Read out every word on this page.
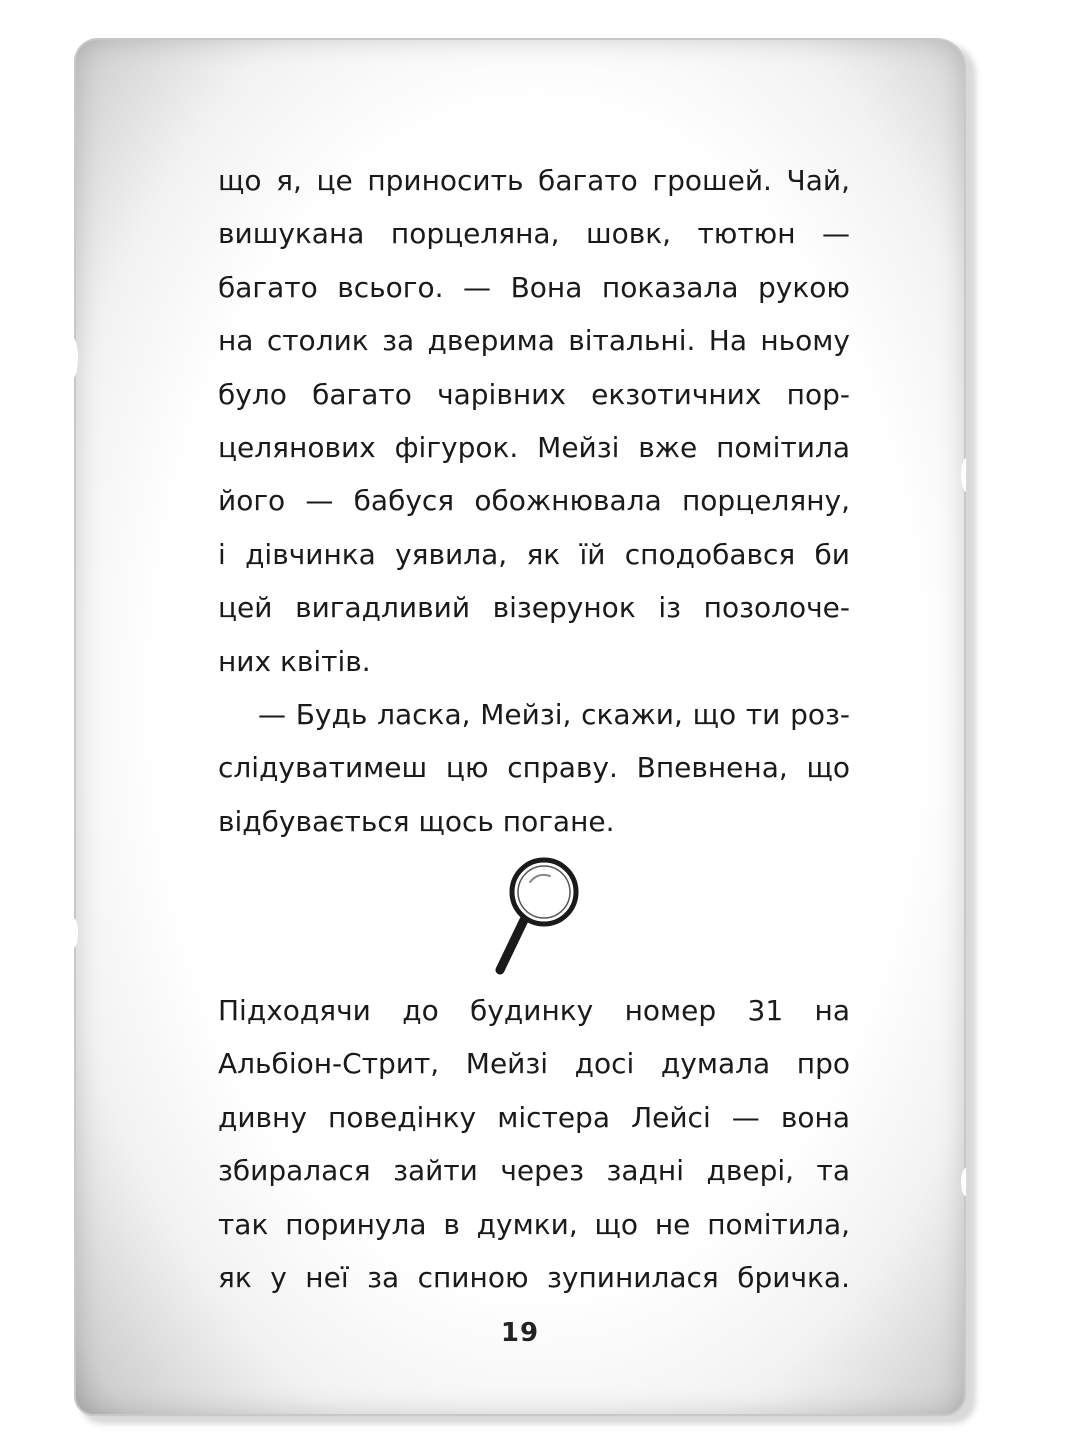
що я, це приносить багато грошей. Чай,
вишукана порцеляна, шовк, тютюн —
багато всього. — Вона показала рукою
на столик за дверима вітальні. На ньому
було багато чарівних екзотичних пор-
целянових фігурок. Мейзі вже помітила
його — бабуся обожнювала порцеляну,
і дівчинка уявила, як їй сподобався би
цей вигадливий візерунок із позолоче-
них квітів.
— Будь ласка, Мейзі, скажи, що ти роз-
слідуватимеш цю справу. Впевнена, що
відбувається щось погане.
Підходячи до будинку номер 31 на
Альбіон-Стрит, Мейзі досі думала про
дивну поведінку містера Лейсі — вона
збиралася зайти через задні двері, та
так поринула в думки, що не помітила,
як у неї за спиною зупинилася бричка.
19
